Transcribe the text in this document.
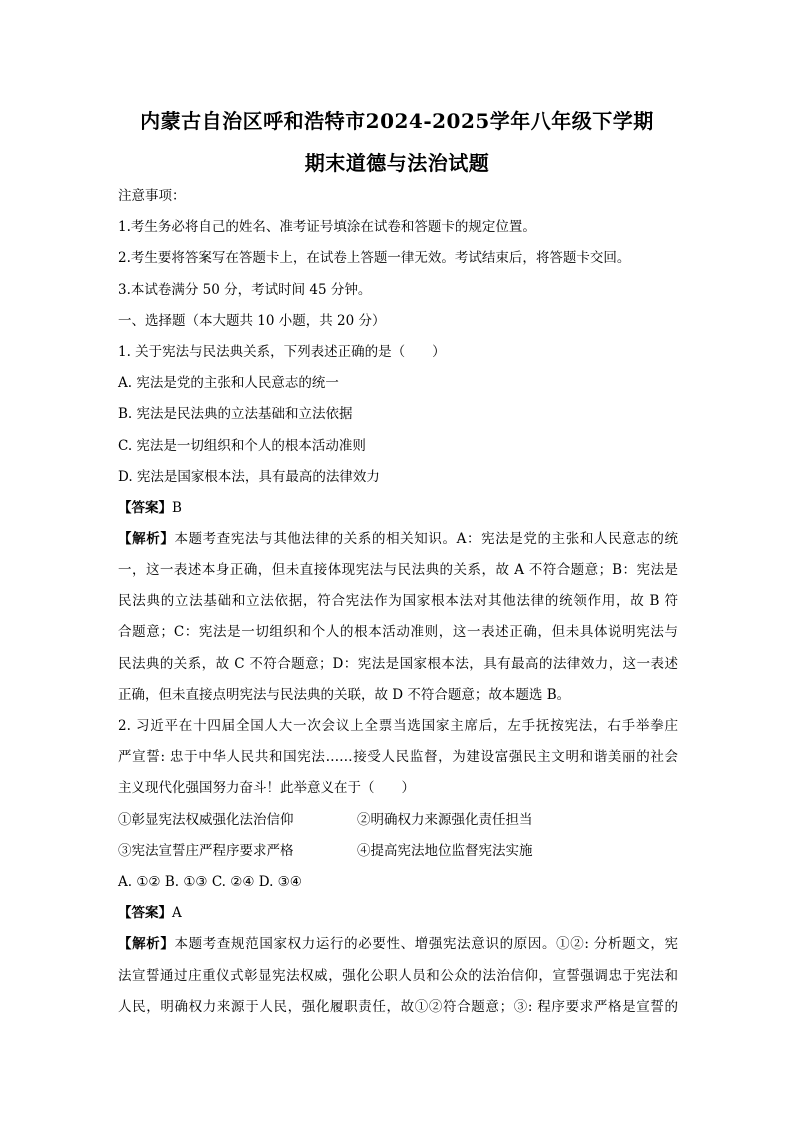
内蒙古自治区呼和浩特市2024-2025学年八年级下学期
期末道德与法治试题
注意事项：
1.考生务必将自己的姓名、准考证号填涂在试卷和答题卡的规定位置。
2.考生要将答案写在答题卡上，在试卷上答题一律无效。考试结束后，将答题卡交回。
3.本试卷满分 50 分，考试时间 45 分钟。
一、选择题（本大题共 10 小题，共 20 分）
1. 关于宪法与民法典关系，下列表述正确的是（　　）
A. 宪法是党的主张和人民意志的统一
B. 宪法是民法典的立法基础和立法依据
C. 宪法是一切组织和个人的根本活动准则
D. 宪法是国家根本法，具有最高的法律效力
【答案】B
【解析】本题考查宪法与其他法律的关系的相关知识。A：宪法是党的主张和人民意志的统
一，这一表述本身正确，但未直接体现宪法与民法典的关系，故 A 不符合题意；B：宪法是
民法典的立法基础和立法依据，符合宪法作为国家根本法对其他法律的统领作用，故 B 符
合题意；C：宪法是一切组织和个人的根本活动准则，这一表述正确，但未具体说明宪法与
民法典的关系，故 C 不符合题意；D：宪法是国家根本法，具有最高的法律效力，这一表述
正确，但未直接点明宪法与民法典的关联，故 D 不符合题意；故本题选 B。
2. 习近平在十四届全国人大一次会议上全票当选国家主席后，左手抚按宪法，右手举拳庄
严宣誓: 忠于中华人民共和国宪法……接受人民监督，为建设富强民主文明和谐美丽的社会
主义现代化强国努力奋斗！此举意义在于（　　）
①彰显宪法权威强化法治信仰	②明确权力来源强化责任担当
③宪法宣誓庄严程序要求严格	④提高宪法地位监督宪法实施
A. ①② B. ①③ C. ②④ D. ③④
【答案】A
【解析】本题考查规范国家权力运行的必要性、增强宪法意识的原因。①②: 分析题文，宪
法宣誓通过庄重仪式彰显宪法权威，强化公职人员和公众的法治信仰，宣誓强调忠于宪法和
人民，明确权力来源于人民，强化履职责任，故①②符合题意；③: 程序要求严格是宣誓的
